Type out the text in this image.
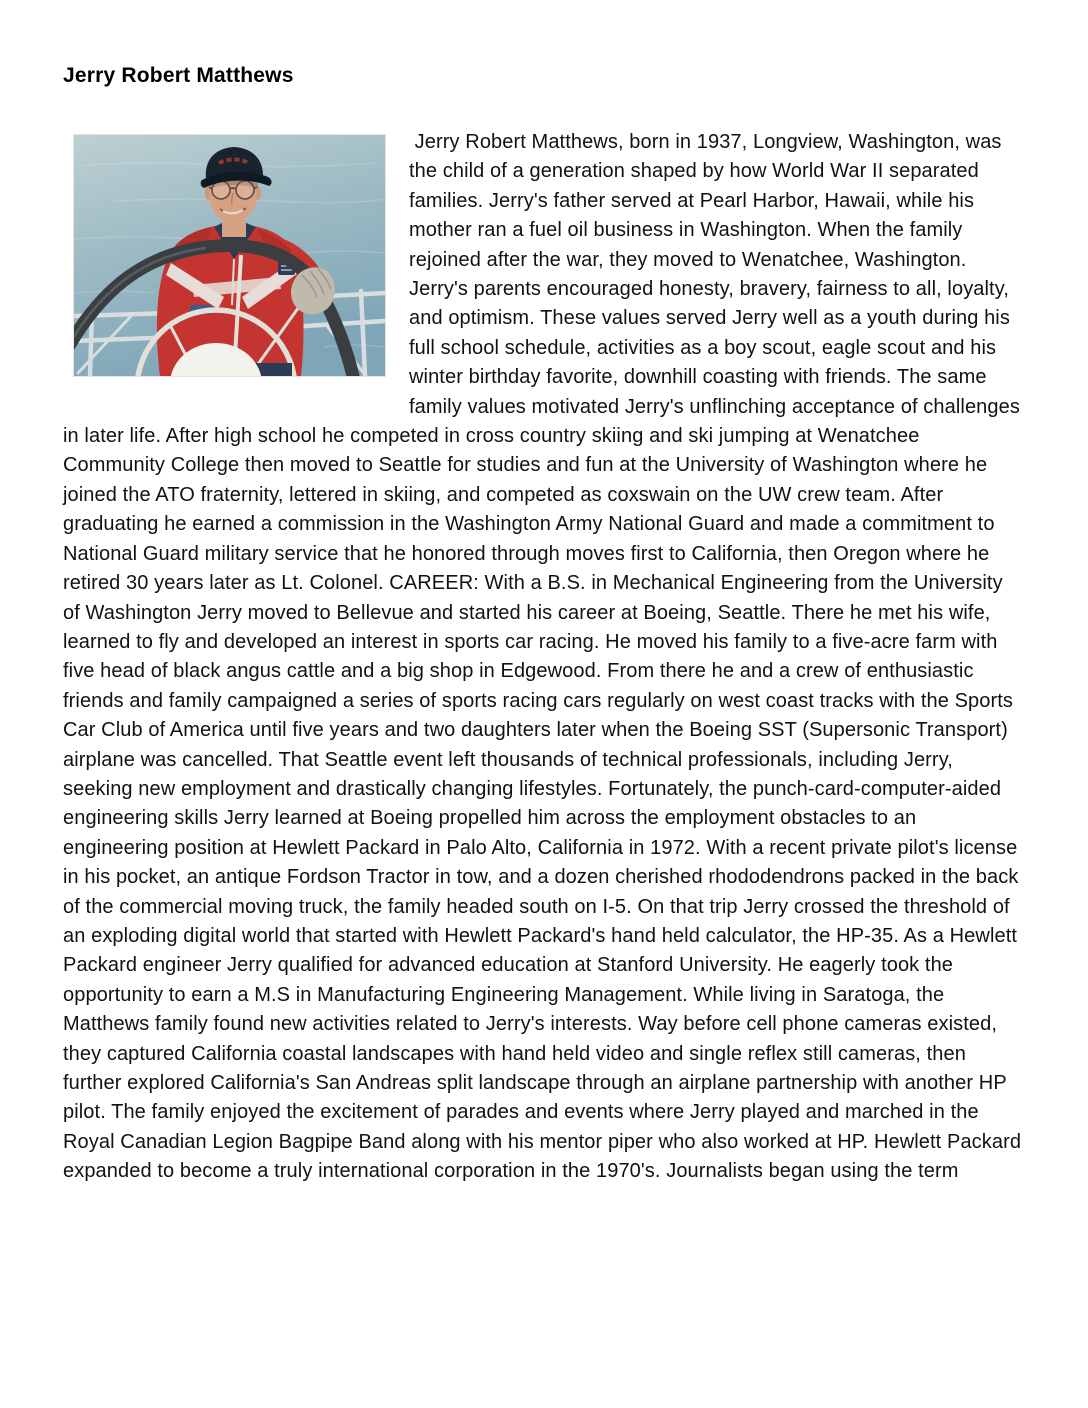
Jerry Robert Matthews

Jerry Robert Matthews, born in 1937, Longview, Washington, was the child of a generation shaped by how World War II separated families. Jerry's father served at Pearl Harbor, Hawaii, while his mother ran a fuel oil business in Washington. When the family rejoined after the war, they moved to Wenatchee, Washington. Jerry's parents encouraged honesty, bravery, fairness to all, loyalty, and optimism. These values served Jerry well as a youth during his full school schedule, activities as a boy scout, eagle scout and his winter birthday favorite, downhill coasting with friends. The same family values motivated Jerry's unflinching acceptance of challenges in later life. After high school he competed in cross country skiing and ski jumping at Wenatchee Community College then moved to Seattle for studies and fun at the University of Washington where he joined the ATO fraternity, lettered in skiing, and competed as coxswain on the UW crew team. After graduating he earned a commission in the Washington Army National Guard and made a commitment to National Guard military service that he honored through moves first to California, then Oregon where he retired 30 years later as Lt. Colonel. CAREER: With a B.S. in Mechanical Engineering from the University of Washington Jerry moved to Bellevue and started his career at Boeing, Seattle. There he met his wife, learned to fly and developed an interest in sports car racing. He moved his family to a five-acre farm with five head of black angus cattle and a big shop in Edgewood. From there he and a crew of enthusiastic friends and family campaigned a series of sports racing cars regularly on west coast tracks with the Sports Car Club of America until five years and two daughters later when the Boeing SST (Supersonic Transport) airplane was cancelled. That Seattle event left thousands of technical professionals, including Jerry, seeking new employment and drastically changing lifestyles. Fortunately, the punch-card-computer-aided engineering skills Jerry learned at Boeing propelled him across the employment obstacles to an engineering position at Hewlett Packard in Palo Alto, California in 1972. With a recent private pilot's license in his pocket, an antique Fordson Tractor in tow, and a dozen cherished rhododendrons packed in the back of the commercial moving truck, the family headed south on I-5. On that trip Jerry crossed the threshold of an exploding digital world that started with Hewlett Packard's hand held calculator, the HP-35. As a Hewlett Packard engineer Jerry qualified for advanced education at Stanford University. He eagerly took the opportunity to earn a M.S in Manufacturing Engineering Management. While living in Saratoga, the Matthews family found new activities related to Jerry's interests. Way before cell phone cameras existed, they captured California coastal landscapes with hand held video and single reflex still cameras, then further explored California's San Andreas split landscape through an airplane partnership with another HP pilot. The family enjoyed the excitement of parades and events where Jerry played and marched in the Royal Canadian Legion Bagpipe Band along with his mentor piper who also worked at HP. Hewlett Packard expanded to become a truly international corporation in the 1970's. Journalists began using the term
